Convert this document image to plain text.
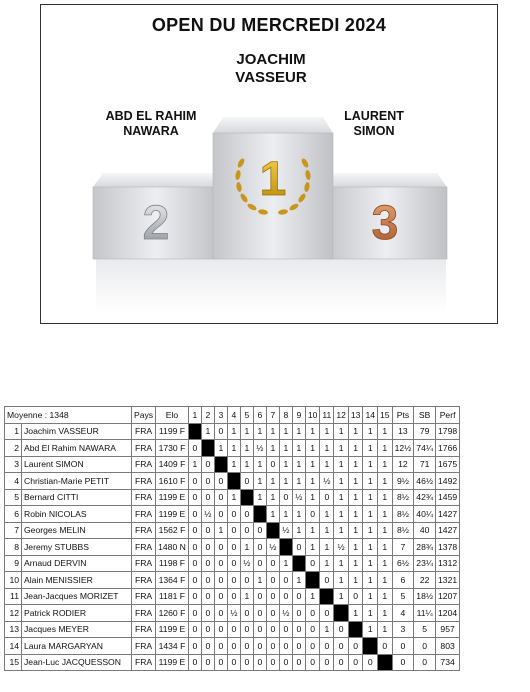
OPEN DU MERCREDI 2024
JOACHIM
VASSEUR
ABD EL RAHIM
NAWARA
LAURENT
SIMON
1
2	3
Moyenne : 1348		Pays	Elo	1	2	3	4	5	6	7	8	9	10	11	12	13	14	15	Pts	SB	Perf
1	Joachim VASSEUR	FRA	1199 F		1	0	1	1	1	1	1	1	1	1	1	1	1	1	13	79	1798
2	Abd El Rahim NAWARA	FRA	1730 F	0		1	1	1	½	1	1	1	1	1	1	1	1	1	12½	74¼	1766
3	Laurent SIMON	FRA	1409 F	1	0		1	1	1	0	1	1	1	1	1	1	1	1	12	71	1675
4	Christian-Marie PETIT	FRA	1610 F	0	0	0		0	1	1	1	1	1	½	1	1	1	1	9½	46½	1492
5	Bernard CITTI	FRA	1199 E	0	0	0	1		1	1	0	½	1	0	1	1	1	1	8½	42¾	1459
6	Robin NICOLAS	FRA	1199 E	0	½	0	0	0		1	1	1	0	1	1	1	1	1	8½	40¼	1427
7	Georges MELIN	FRA	1562 F	0	0	1	0	0	0		½	1	1	1	1	1	1	1	8½	40	1427
8	Jeremy STUBBS	FRA	1480 N	0	0	0	0	1	0	½		0	1	1	½	1	1	1	7	28¾	1378
9	Arnaud DERVIN	FRA	1198 F	0	0	0	0	½	0	0	1		0	1	1	1	1	1	6½	23¼	1312
10	Alain MENISSIER	FRA	1364 F	0	0	0	0	0	1	0	0	1		0	1	1	1	1	6	22	1321
11	Jean-Jacques MORIZET	FRA	1181 F	0	0	0	0	1	0	0	0	0	1		1	0	1	1	5	18½	1207
12	Patrick RODIER	FRA	1260 F	0	0	0	½	0	0	0	½	0	0	0		1	1	1	4	11¼	1204
13	Jacques MEYER	FRA	1199 E	0	0	0	0	0	0	0	0	0	0	1	0		1	1	3	5	957
14	Laura MARGARYAN	FRA	1434 F	0	0	0	0	0	0	0	0	0	0	0	0	0		0	0	0	803
15	Jean-Luc JACQUESSON	FRA	1199 E	0	0	0	0	0	0	0	0	0	0	0	0	0	0		0	0	734
